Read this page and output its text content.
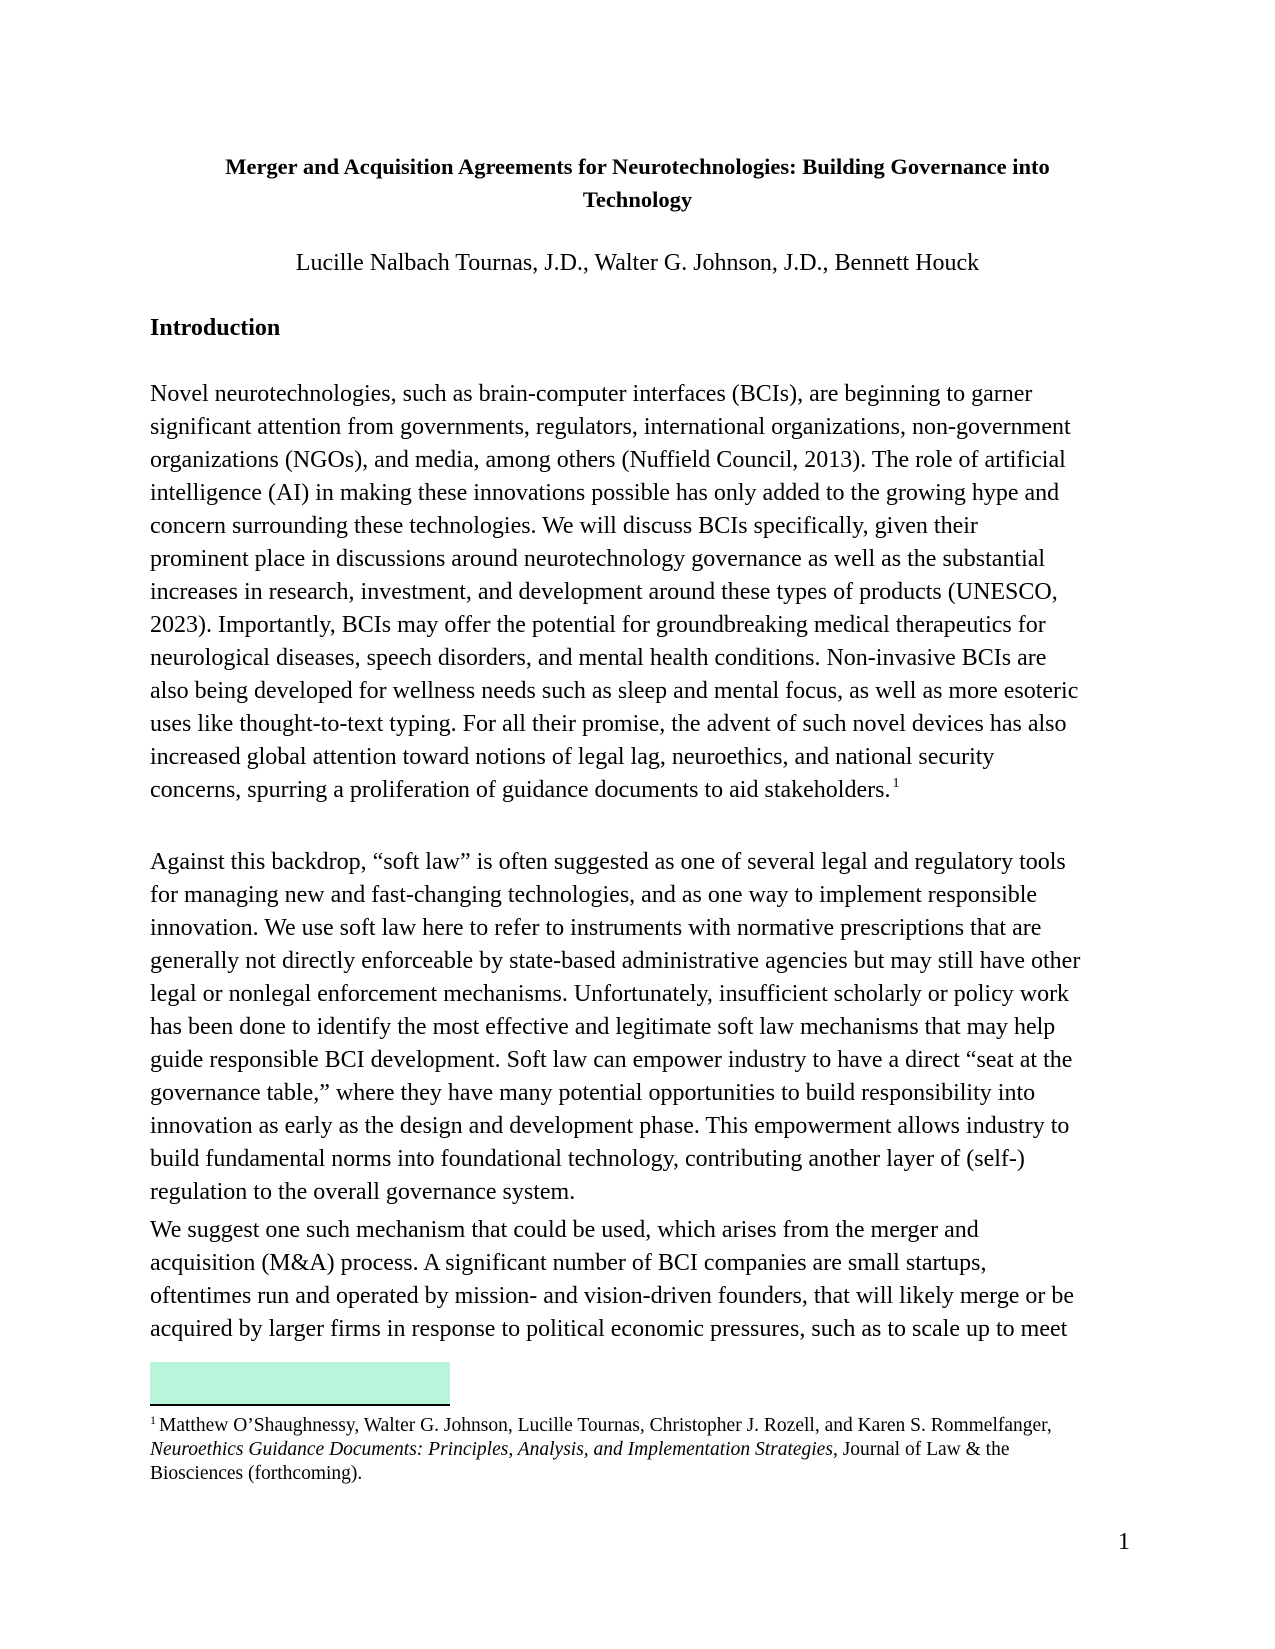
Merger and Acquisition Agreements for Neurotechnologies: Building Governance into
Technology

Lucille Nalbach Tournas, J.D., Walter G. Johnson, J.D., Bennett Houck

Introduction
Novel neurotechnologies, such as brain-computer interfaces (BCIs), are beginning to garner
significant attention from governments, regulators, international organizations, non-government
organizations (NGOs), and media, among others (Nuffield Council, 2013). The role of artificial
intelligence (AI) in making these innovations possible has only added to the growing hype and
concern surrounding these technologies. We will discuss BCIs specifically, given their
prominent place in discussions around neurotechnology governance as well as the substantial
increases in research, investment, and development around these types of products (UNESCO,
2023). Importantly, BCIs may offer the potential for groundbreaking medical therapeutics for
neurological diseases, speech disorders, and mental health conditions. Non-invasive BCIs are
also being developed for wellness needs such as sleep and mental focus, as well as more esoteric
uses like thought-to-text typing. For all their promise, the advent of such novel devices has also
increased global attention toward notions of legal lag, neuroethics, and national security
concerns, spurring a proliferation of guidance documents to aid stakeholders. $^1$
Against this backdrop, “soft law” is often suggested as one of several legal and regulatory tools
for managing new and fast-changing technologies, and as one way to implement responsible
innovation. We use soft law here to refer to instruments with normative prescriptions that are
generally not directly enforceable by state-based administrative agencies but may still have other
legal or nonlegal enforcement mechanisms. Unfortunately, insufficient scholarly or policy work
has been done to identify the most effective and legitimate soft law mechanisms that may help
guide responsible BCI development. Soft law can empower industry to have a direct “seat at the
governance table,” where they have many potential opportunities to build responsibility into
innovation as early as the design and development phase. This empowerment allows industry to
build fundamental norms into foundational technology, contributing another layer of (self-)
regulation to the overall governance system.
We suggest one such mechanism that could be used, which arises from the merger and
acquisition (M&A) process. A significant number of BCI companies are small startups,
oftentimes run and operated by mission- and vision-driven founders, that will likely merge or be
acquired by larger firms in response to political economic pressures, such as to scale up to meet
$^1$ Matthew O’Shaughnessy, Walter G. Johnson, Lucille Tournas, Christopher J. Rozell, and Karen S. Rommelfanger,
Neuroethics Guidance Documents: Principles, Analysis, and Implementation Strategies, Journal of Law & the
Biosciences (forthcoming).

1
